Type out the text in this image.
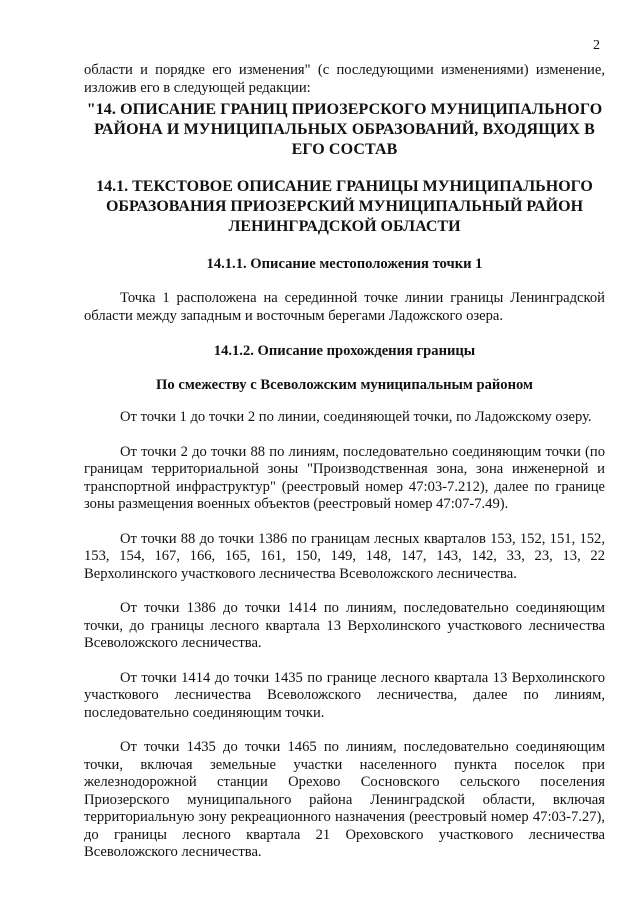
2

области и порядке его изменения" (с последующими изменениями) изменение, изложив его в следующей редакции:

"14. ОПИСАНИЕ ГРАНИЦ ПРИОЗЕРСКОГО МУНИЦИПАЛЬНОГО РАЙОНА И МУНИЦИПАЛЬНЫХ ОБРАЗОВАНИЙ, ВХОДЯЩИХ В ЕГО СОСТАВ
14.1. ТЕКСТОВОЕ ОПИСАНИЕ ГРАНИЦЫ МУНИЦИПАЛЬНОГО ОБРАЗОВАНИЯ ПРИОЗЕРСКИЙ МУНИЦИПАЛЬНЫЙ РАЙОН ЛЕНИНГРАДСКОЙ ОБЛАСТИ
14.1.1. Описание местоположения точки 1

Точка 1 расположена на серединной точке линии границы Ленинградской области между западным и восточным берегами Ладожского озера.

14.1.2. Описание прохождения границы
По смежеству с Всеволожским муниципальным районом

От точки 1 до точки 2 по линии, соединяющей точки, по Ладожскому озеру.

От точки 2 до точки 88 по линиям, последовательно соединяющим точки (по границам территориальной зоны "Производственная зона, зона инженерной и транспортной инфраструктур" (реестровый номер 47:03-7.212), далее по границе зоны размещения военных объектов (реестровый номер 47:07-7.49).

От точки 88 до точки 1386 по границам лесных кварталов 153, 152, 151, 152, 153, 154, 167, 166, 165, 161, 150, 149, 148, 147, 143, 142, 33, 23, 13, 22 Верхолинского участкового лесничества Всеволожского лесничества.

От точки 1386 до точки 1414 по линиям, последовательно соединяющим точки, до границы лесного квартала 13 Верхолинского участкового лесничества Всеволожского лесничества.

От точки 1414 до точки 1435 по границе лесного квартала 13 Верхолинского участкового лесничества Всеволожского лесничества, далее по линиям, последовательно соединяющим точки.

От точки 1435 до точки 1465 по линиям, последовательно соединяющим точки, включая земельные участки населенного пункта поселок при железнодорожной станции Орехово Сосновского сельского поселения Приозерского муниципального района Ленинградской области, включая территориальную зону рекреационного назначения (реестровый номер 47:03-7.27), до границы лесного квартала 21 Ореховского участкового лесничества Всеволожского лесничества.
